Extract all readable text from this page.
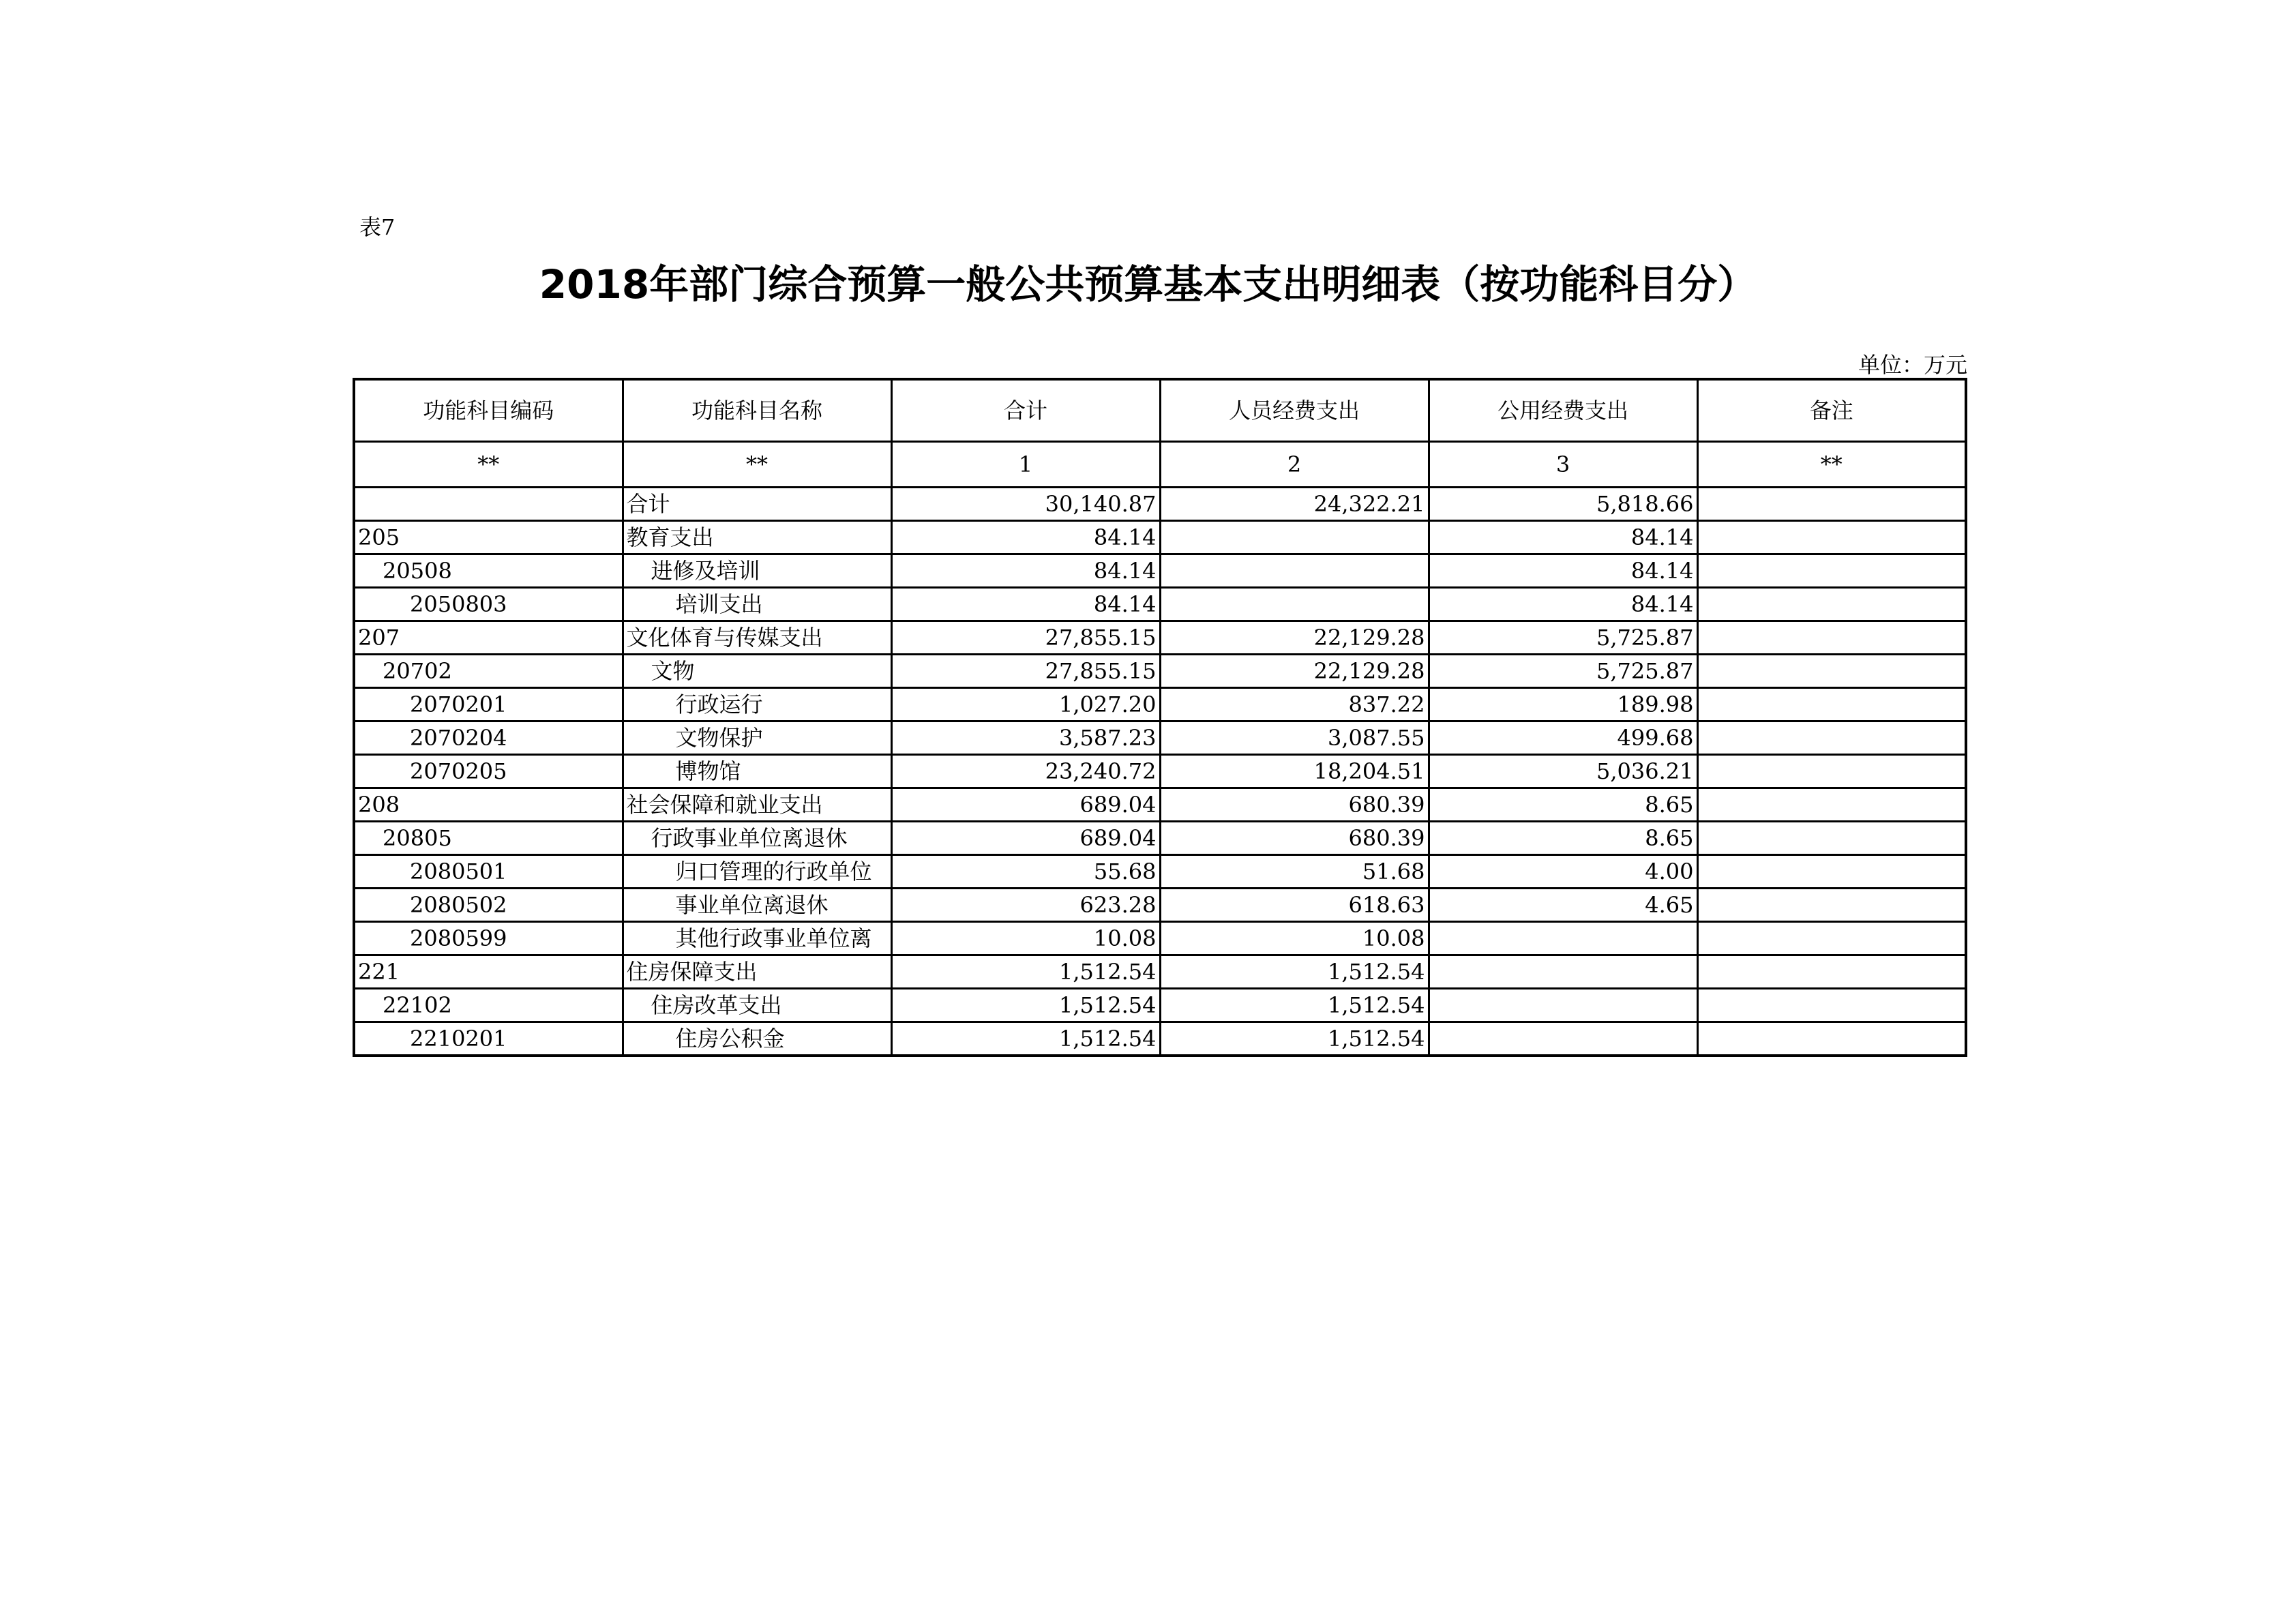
表7
2018年部门综合预算一般公共预算基本支出明细表（按功能科目分）
单位：万元
功能科目编码	功能科目名称	合计	人员经费支出	公用经费支出	备注
**	**	1	2	3	**
	合计	30,140.87	24,322.21	5,818.66	
205	教育支出	84.14		84.14	
20508	进修及培训	84.14		84.14	
2050803	培训支出	84.14		84.14	
207	文化体育与传媒支出	27,855.15	22,129.28	5,725.87	
20702	文物	27,855.15	22,129.28	5,725.87	
2070201	行政运行	1,027.20	837.22	189.98	
2070204	文物保护	3,587.23	3,087.55	499.68	
2070205	博物馆	23,240.72	18,204.51	5,036.21	
208	社会保障和就业支出	689.04	680.39	8.65	
20805	行政事业单位离退休	689.04	680.39	8.65	
2080501	归口管理的行政单位	55.68	51.68	4.00	
2080502	事业单位离退休	623.28	618.63	4.65	
2080599	其他行政事业单位离	10.08	10.08		
221	住房保障支出	1,512.54	1,512.54		
22102	住房改革支出	1,512.54	1,512.54		
2210201	住房公积金	1,512.54	1,512.54		
